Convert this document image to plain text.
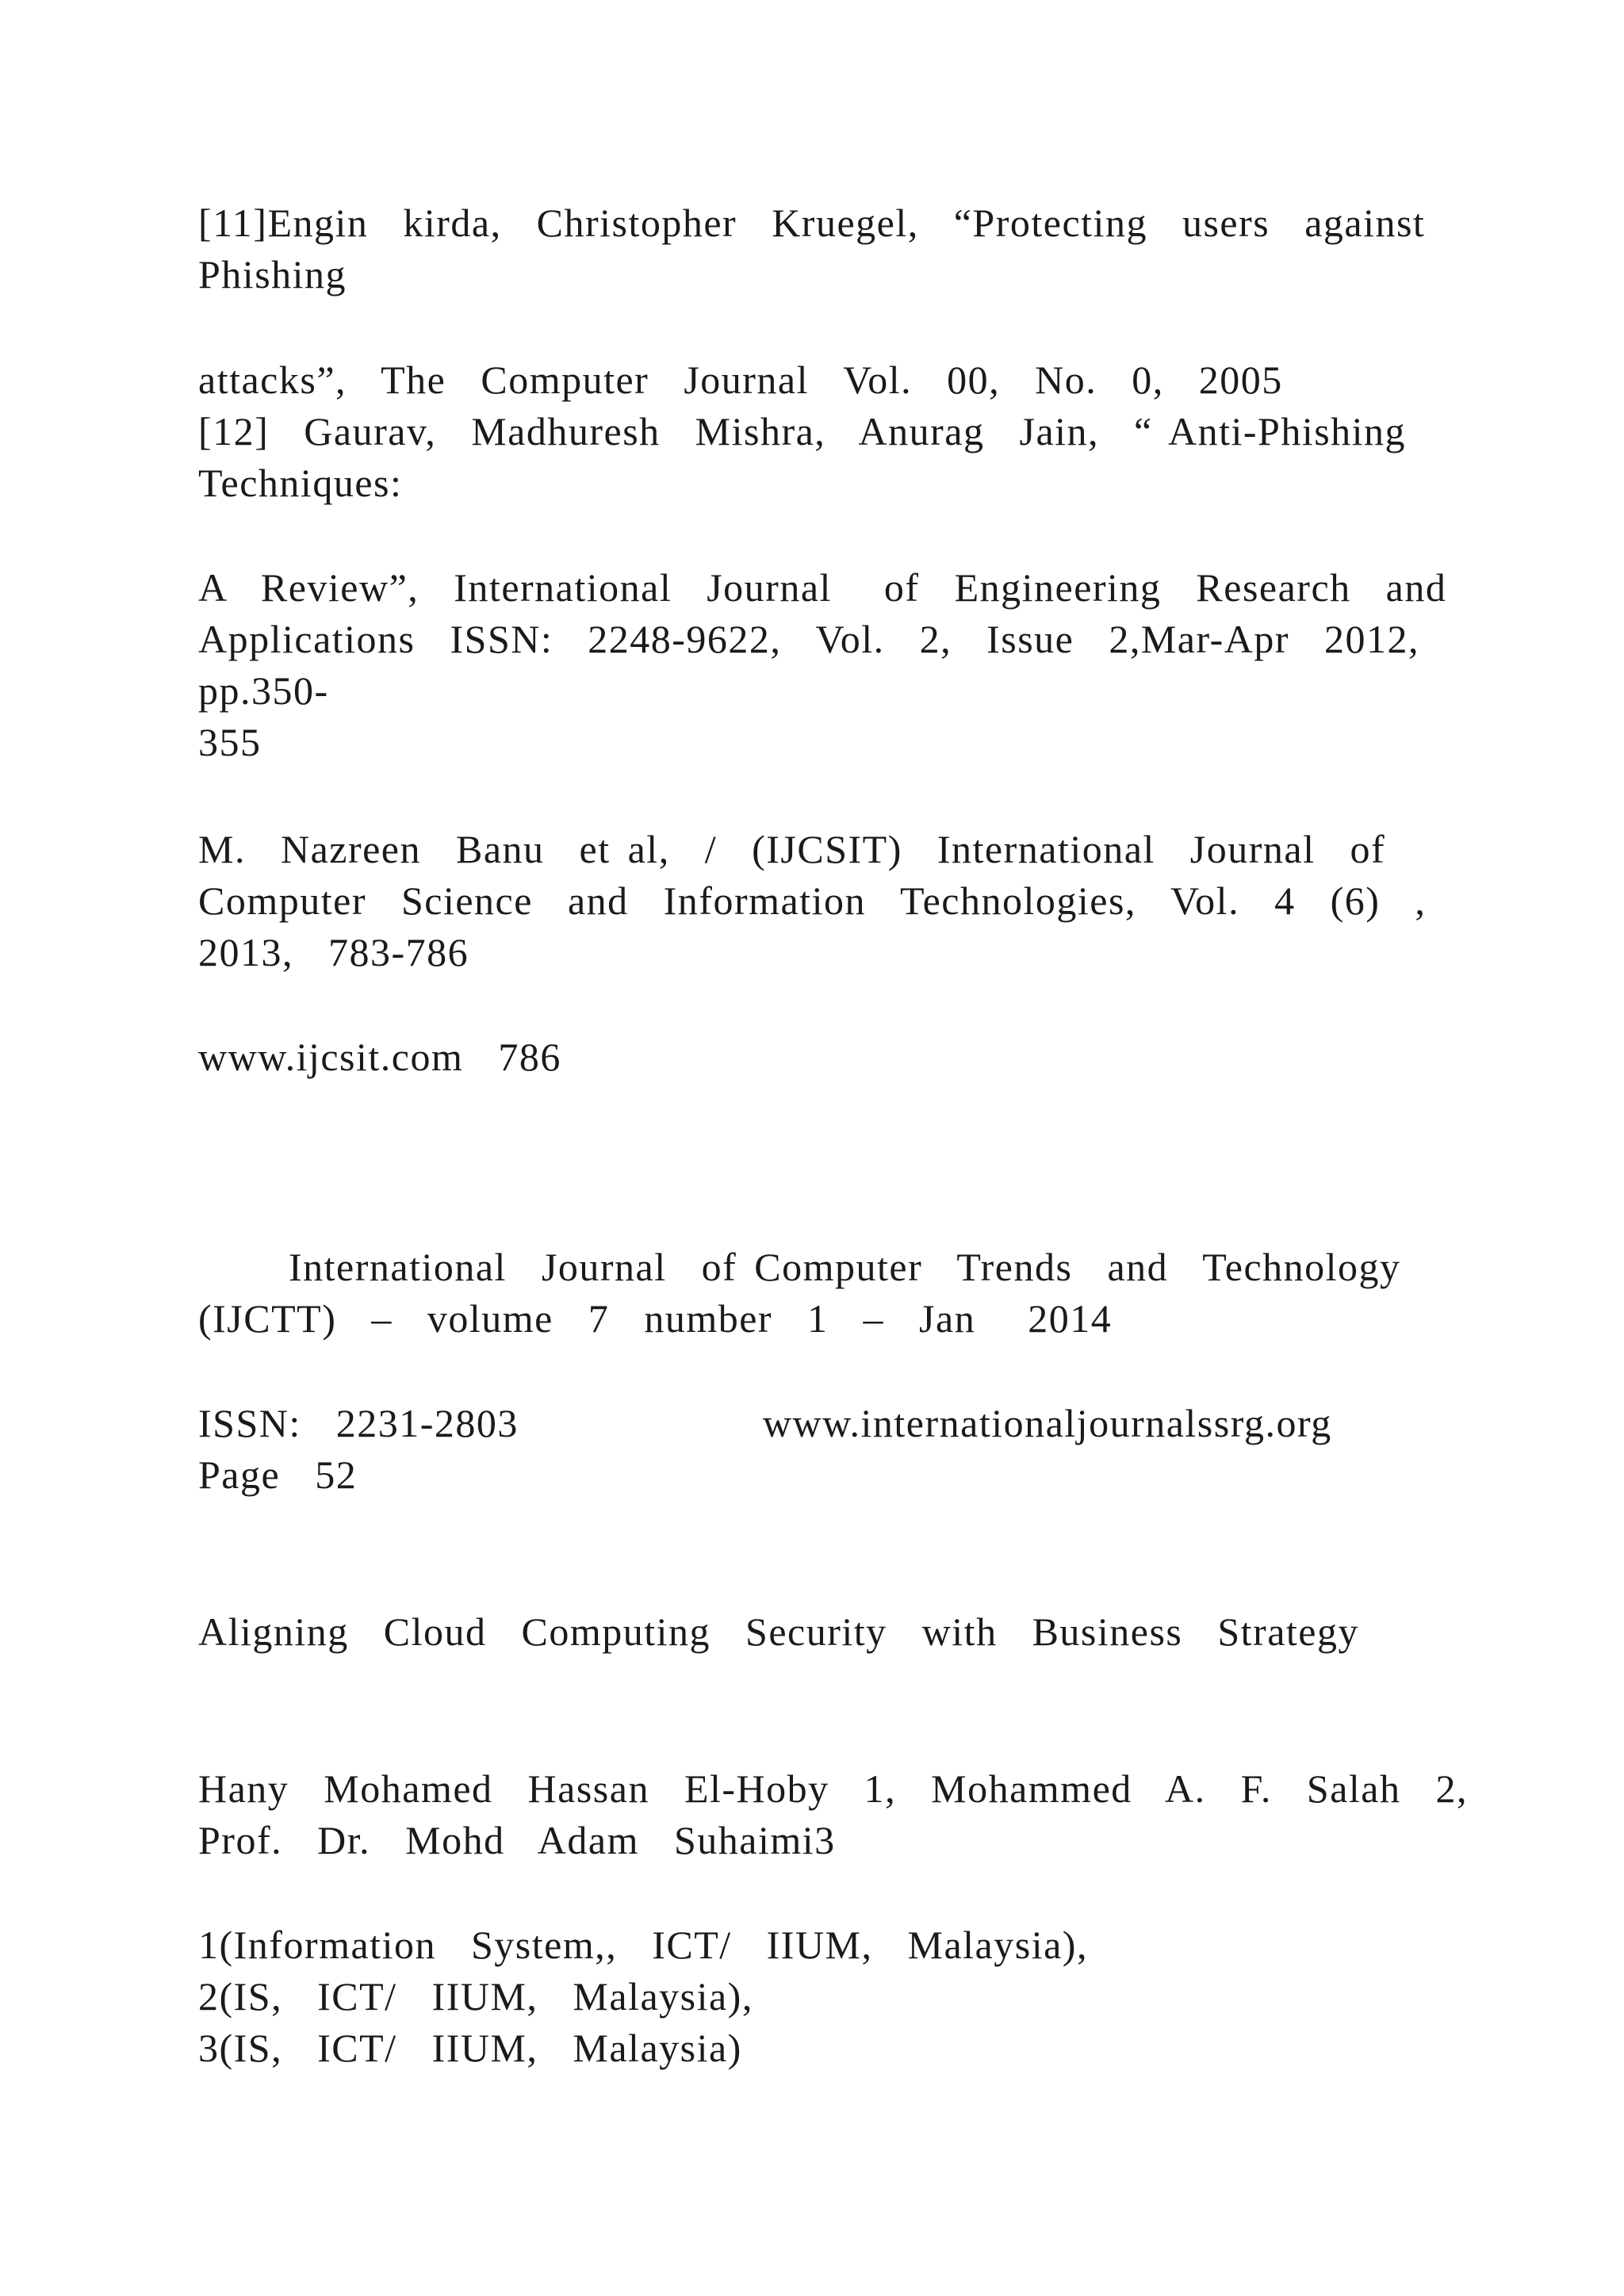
[11]Engin  kirda,  Christopher  Kruegel,  “Protecting  users  against
Phishing
attacks”,  The  Computer  Journal  Vol.  00,  No.  0,  2005
[12]  Gaurav,  Madhuresh  Mishra,  Anurag  Jain,  “ Anti-Phishing
Techniques:
A  Review”,  International  Journal   of  Engineering  Research  and
Applications  ISSN:  2248-9622,  Vol.  2,  Issue  2,Mar-Apr  2012,
pp.350-
355
M.  Nazreen  Banu  et al,  /  (IJCSIT)  International  Journal  of
Computer  Science  and  Information  Technologies,  Vol.  4  (6)  ,
2013,  783-786
www.ijcsit.com  786
International  Journal  of Computer  Trends  and  Technology
(IJCTT)  –  volume  7  number  1  –  Jan   2014
ISSN:  2231-2803              www.internationaljournalssrg.org
Page  52
Aligning  Cloud  Computing  Security  with  Business  Strategy
Hany  Mohamed  Hassan  El-Hoby  1,  Mohammed  A.  F.  Salah  2,
Prof.  Dr.  Mohd  Adam  Suhaimi3
1(Information  System,,  ICT/  IIUM,  Malaysia),
2(IS,  ICT/  IIUM,  Malaysia),
3(IS,  ICT/  IIUM,  Malaysia)
